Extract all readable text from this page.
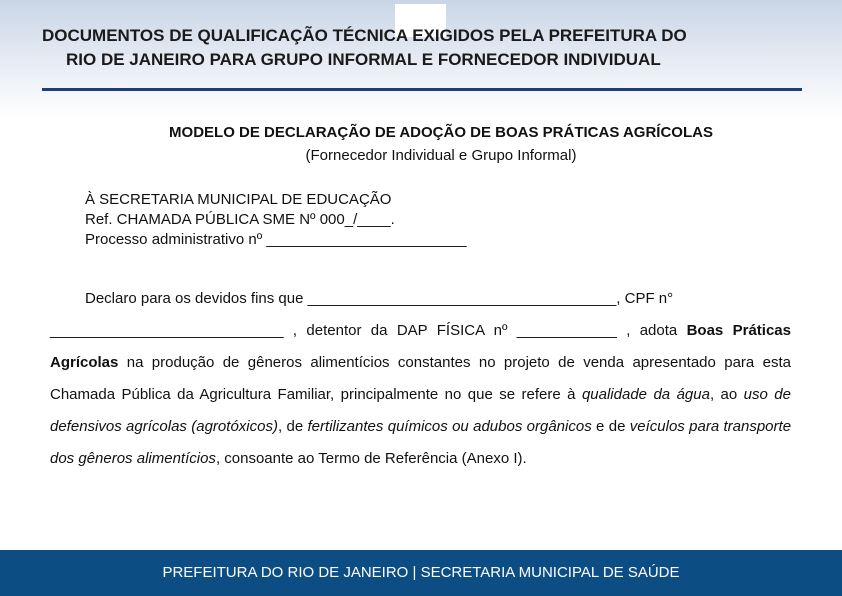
DOCUMENTOS DE QUALIFICAÇÃO TÉCNICA EXIGIDOS PELA PREFEITURA DO
RIO DE JANEIRO PARA GRUPO INFORMAL E FORNECEDOR INDIVIDUAL
MODELO DE DECLARAÇÃO DE ADOÇÃO DE BOAS PRÁTICAS AGRÍCOLAS
(Fornecedor Individual e Grupo Informal)
À SECRETARIA MUNICIPAL DE EDUCAÇÃO
Ref. CHAMADA PÚBLICA SME Nº 000_/____.
Processo administrativo nº ________________________
Declaro para os devidos fins que _____________________________________, CPF n°
____________________________ , detentor da DAP FÍSICA nº ____________ , adota Boas Práticas Agrícolas na produção de gêneros alimentícios constantes no projeto de venda apresentado para esta Chamada Pública da Agricultura Familiar, principalmente no que se refere à qualidade da água, ao uso de defensivos agrícolas (agrotóxicos), de fertilizantes químicos ou adubos orgânicos e de veículos para transporte dos gêneros alimentícios, consoante ao Termo de Referência (Anexo I).
PREFEITURA DO RIO DE JANEIRO | SECRETARIA MUNICIPAL DE SAÚDE
